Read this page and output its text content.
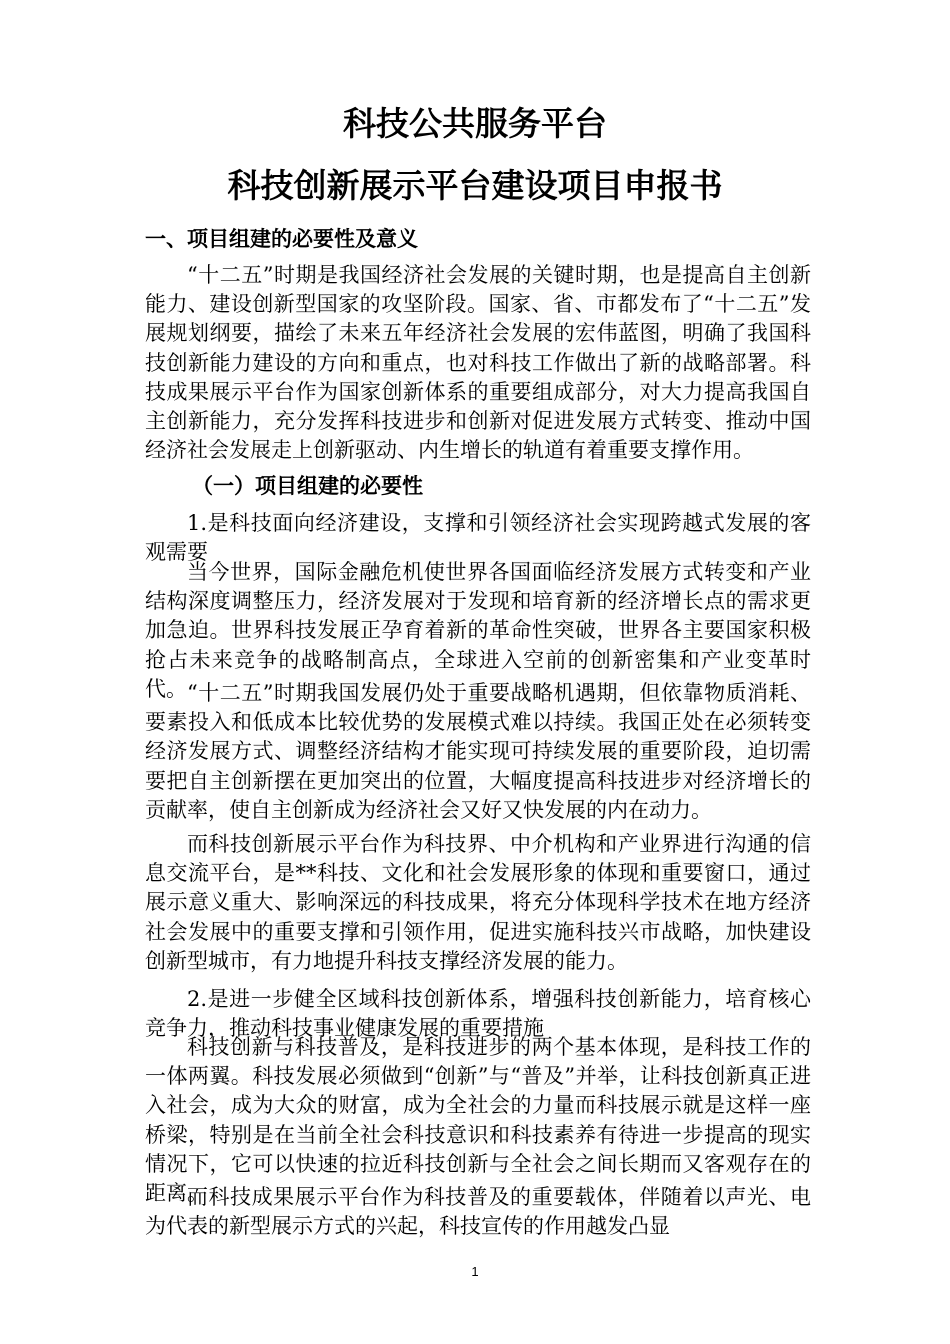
科技公共服务平台
科技创新展示平台建设项目申报书
一、项目组建的必要性及意义

“十二五”时期是我国经济社会发展的关键时期，也是提高自主创新能力、建设创新型国家的攻坚阶段。国家、省、市都发布了“十二五”发展规划纲要，描绘了未来五年经济社会发展的宏伟蓝图，明确了我国科技创新能力建设的方向和重点，也对科技工作做出了新的战略部署。科技成果展示平台作为国家创新体系的重要组成部分，对大力提高我国自主创新能力，充分发挥科技进步和创新对促进发展方式转变、推动中国经济社会发展走上创新驱动、内生增长的轨道有着重要支撑作用。

（一）项目组建的必要性

1.是科技面向经济建设，支撑和引领经济社会实现跨越式发展的客观需要

当今世界，国际金融危机使世界各国面临经济发展方式转变和产业结构深度调整压力，经济发展对于发现和培育新的经济增长点的需求更加急迫。世界科技发展正孕育着新的革命性突破，世界各主要国家积极抢占未来竞争的战略制高点，全球进入空前的创新密集和产业变革时代。 “十二五”时期我国发展仍处于重要战略机遇期，但依靠物质消耗、要素投入和低成本比较优势的发展模式难以持续。我国正处在必须转变经济发展方式、调整经济结构才能实现可持续发展的重要阶段，迫切需要把自主创新摆在更加突出的位置，大幅度提高科技进步对经济增长的贡献率，使自主创新成为经济社会又好又快发展的内在动力。

而科技创新展示平台作为科技界、中介机构和产业界进行沟通的信息交流平台，是**科技、文化和社会发展形象的体现和重要窗口，通过展示意义重大、影响深远的科技成果，将充分体现科学技术在地方经济社会发展中的重要支撑和引领作用，促进实施科技兴市战略，加快建设创新型城市，有力地提升科技支撑经济发展的能力。

2.是进一步健全区域科技创新体系，增强科技创新能力，培育核心竞争力，推动科技事业健康发展的重要措施

科技创新与科技普及，是科技进步的两个基本体现，是科技工作的一体两翼。科技发展必须做到“创新”与“普及”并举，让科技创新真正进入社会，成为大众的财富，成为全社会的力量而科技展示就是这样一座桥梁，特别是在当前全社会科技意识和科技素养有待进一步提高的现实情况下，它可以快速的拉近科技创新与全社会之间长期而又客观存在的距离。

而科技成果展示平台作为科技普及的重要载体，伴随着以声光、电为代表的新型展示方式的兴起，科技宣传的作用越发凸显

1
